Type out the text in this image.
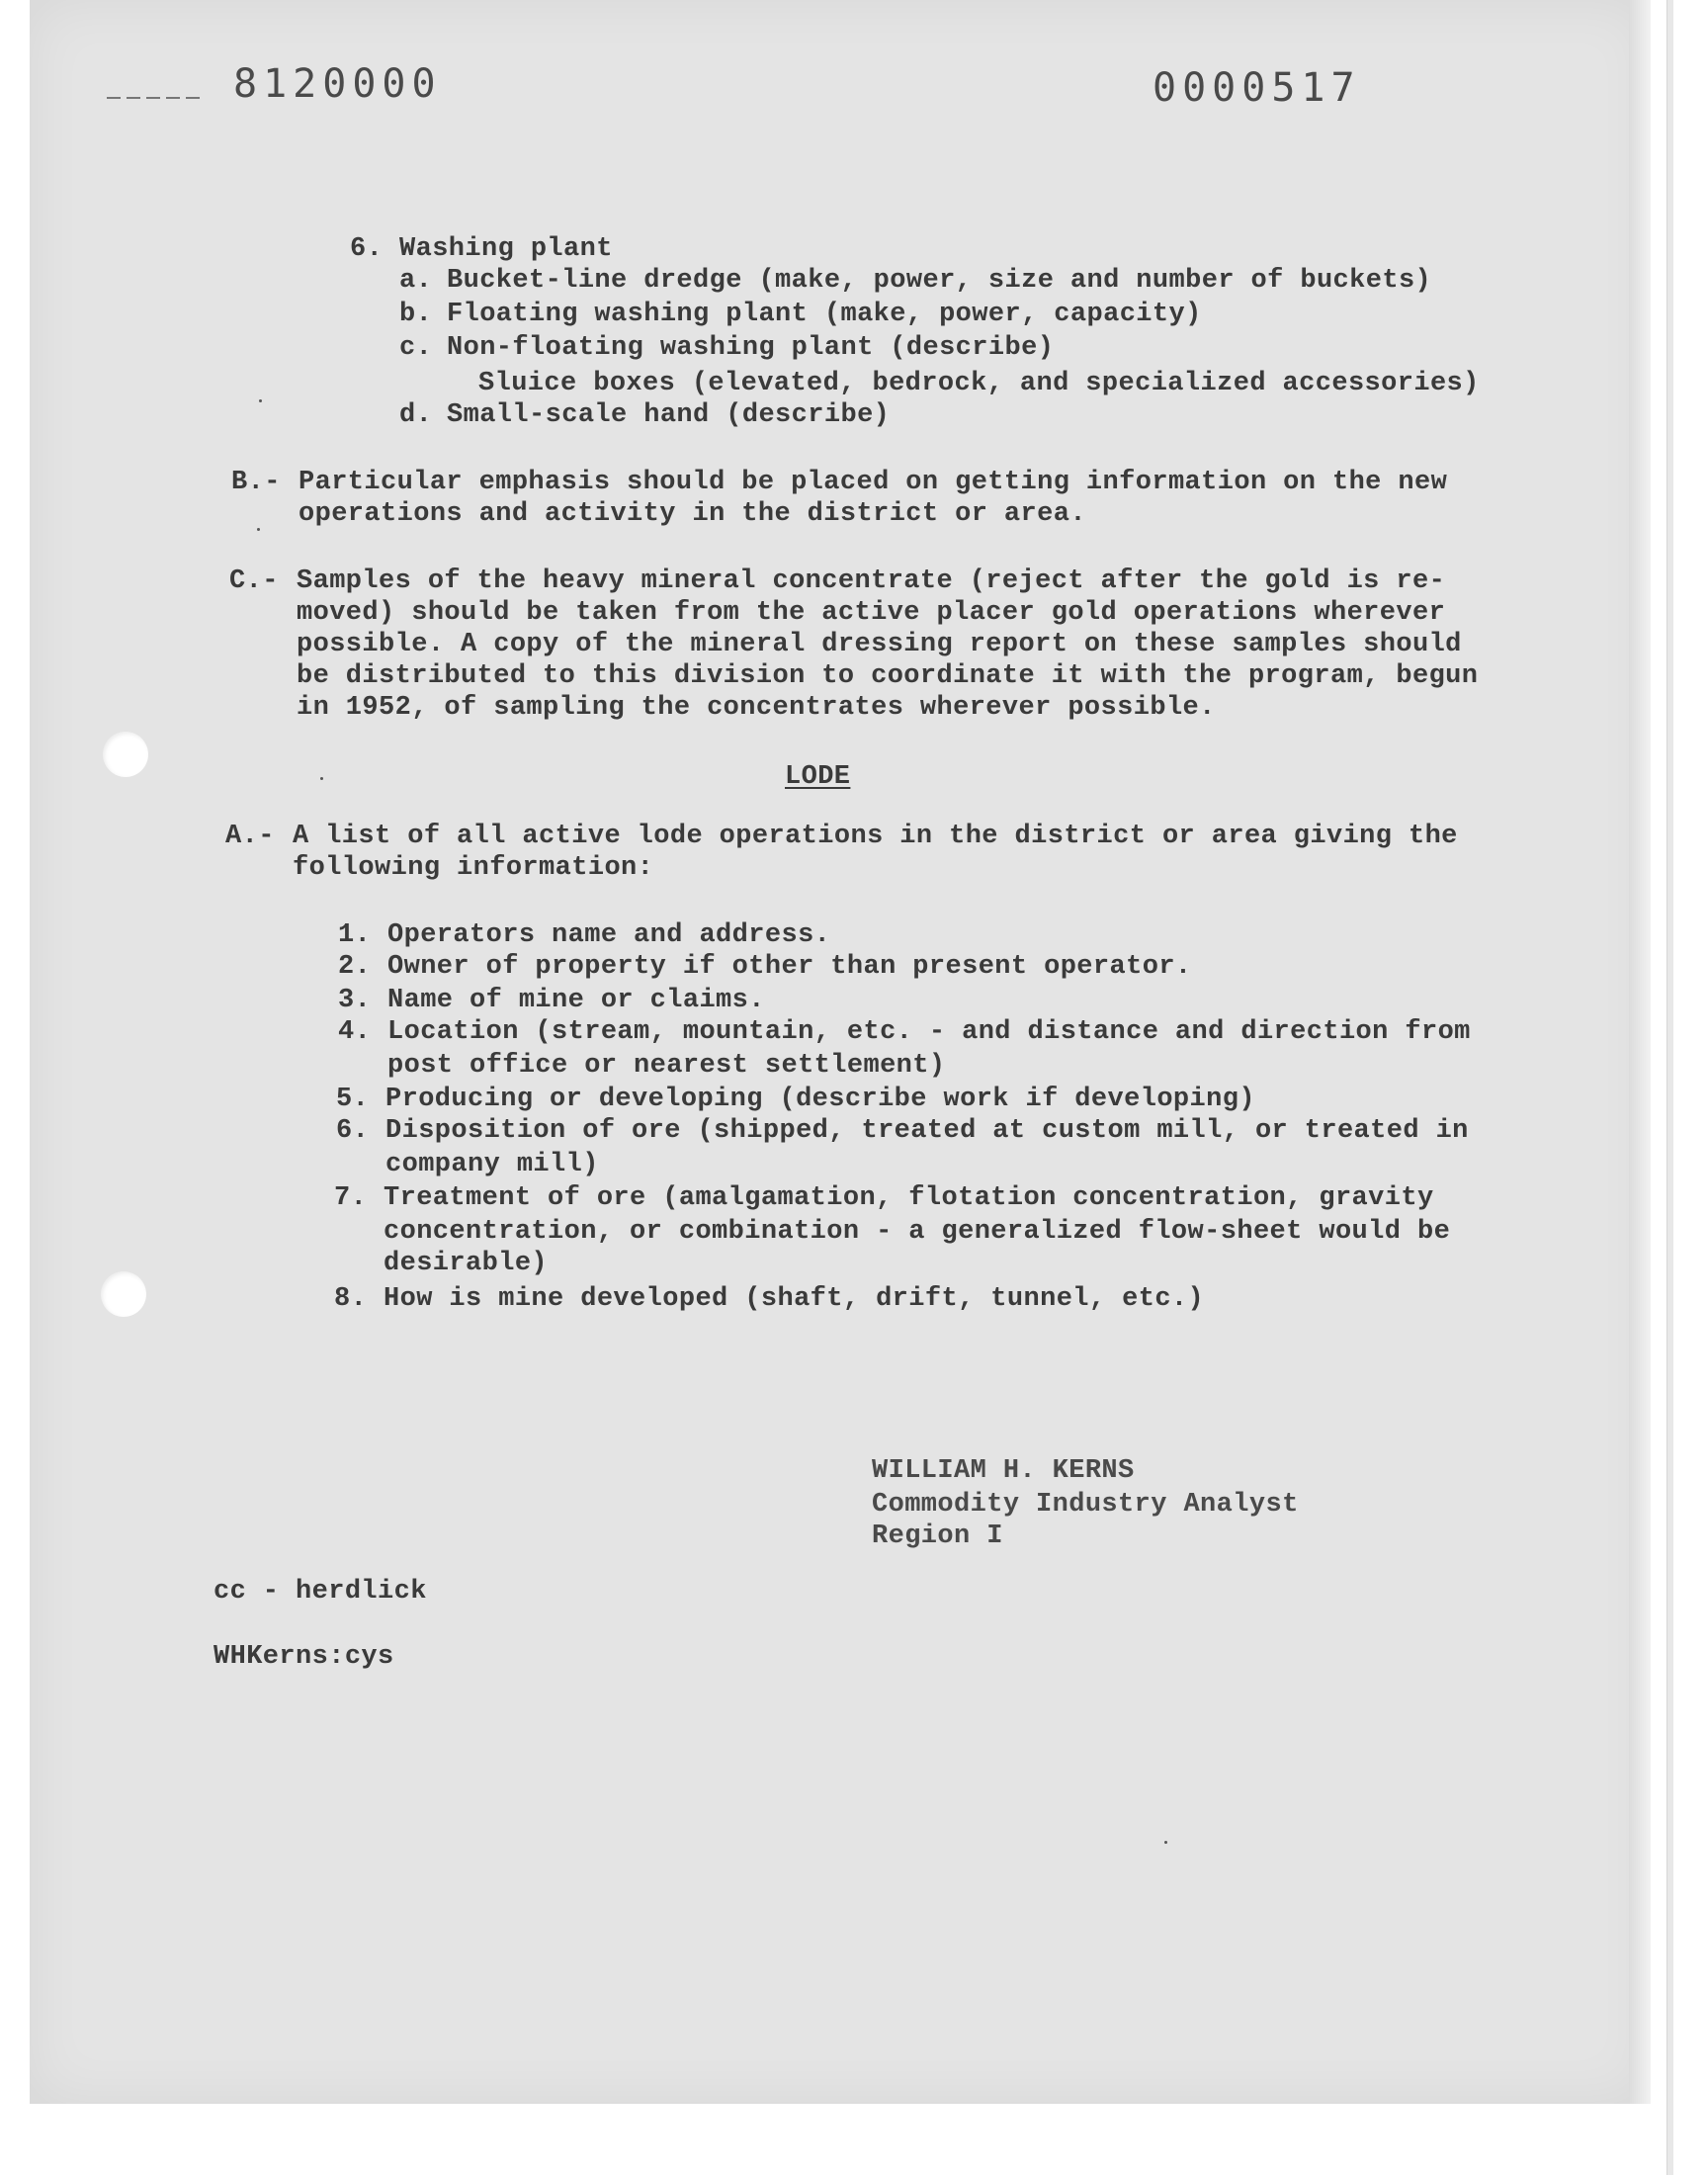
8120000	0000517
6. Washing plant
a. Bucket-line dredge (make, power, size and number of buckets)
b. Floating washing plant (make, power, capacity)
c. Non-floating washing plant (describe)
Sluice boxes (elevated, bedrock, and specialized accessories)
d. Small-scale hand (describe)
B.- Particular emphasis should be placed on getting information on the new
operations and activity in the district or area.
C.- Samples of the heavy mineral concentrate (reject after the gold is re-
moved) should be taken from the active placer gold operations wherever
possible. A copy of the mineral dressing report on these samples should
be distributed to this division to coordinate it with the program, begun
in 1952, of sampling the concentrates wherever possible.
LODE
A.- A list of all active lode operations in the district or area giving the
following information:
1. Operators name and address.
2. Owner of property if other than present operator.
3. Name of mine or claims.
4. Location (stream, mountain, etc. - and distance and direction from
post office or nearest settlement)
5. Producing or developing (describe work if developing)
6. Disposition of ore (shipped, treated at custom mill, or treated in
company mill)
7. Treatment of ore (amalgamation, flotation concentration, gravity
concentration, or combination - a generalized flow-sheet would be
desirable)
8. How is mine developed (shaft, drift, tunnel, etc.)
WILLIAM H. KERNS
Commodity Industry Analyst
Region I
cc - herdlick
WHKerns:cys
